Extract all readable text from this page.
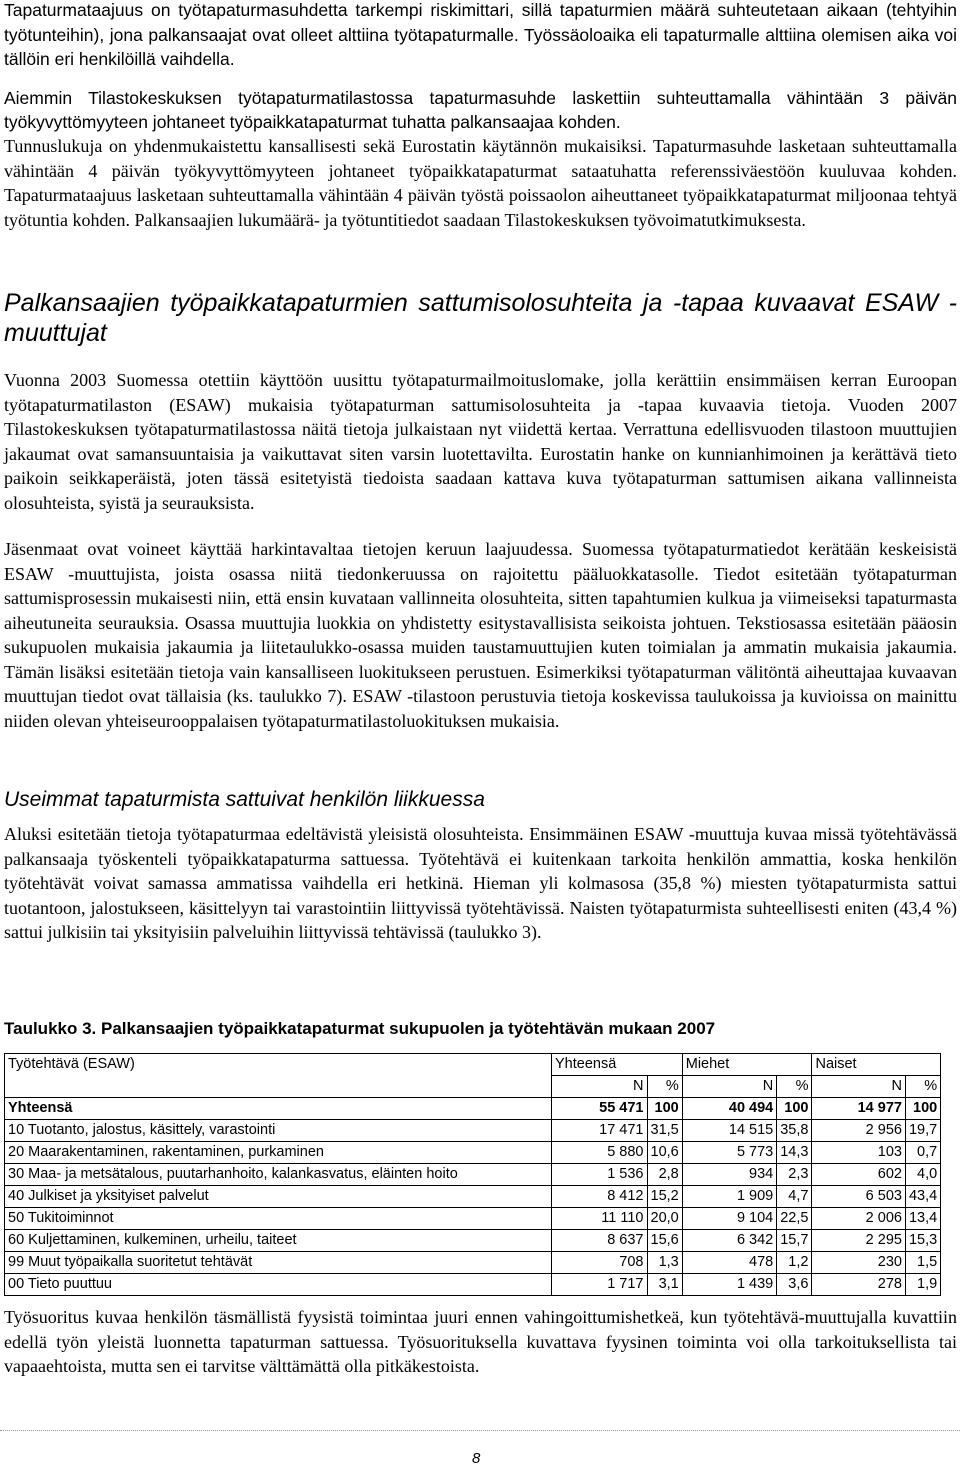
Tapaturmataajuus on työtapaturmasuhdetta tarkempi riskimittari, sillä tapaturmien määrä suhteutetaan aikaan (tehtyihin työtunteihin), jona palkansaajat ovat olleet alttiina työtapaturmalle. Työssäoloaika eli tapaturmalle alttiina olemisen aika voi tällöin eri henkilöillä vaihdella.

Aiemmin Tilastokeskuksen työtapaturmatilastossa tapaturmasuhde laskettiin suhteuttamalla vähintään 3 päivän työkyvyttömyyteen johtaneet työpaikkatapaturmat tuhatta palkansaajaa kohden.

Tunnuslukuja on yhdenmukaistettu kansallisesti sekä Eurostatin käytännön mukaisiksi. Tapaturmasuhde lasketaan suhteuttamalla vähintään 4 päivän työkyvyttömyyteen johtaneet työpaikkatapaturmat sataatuhatta referenssiväestöön kuuluvaa kohden. Tapaturmataajuus lasketaan suhteuttamalla vähintään 4 päivän työstä poissaolon aiheuttaneet työpaikkatapaturmat miljoonaa tehtyä työtuntia kohden. Palkansaajien lukumäärä- ja työtuntitiedot saadaan Tilastokeskuksen työvoimatutkimuksesta.

Palkansaajien työpaikkatapaturmien sattumisolosuhteita ja -tapaa kuvaavat ESAW -muuttujat

Vuonna 2003 Suomessa otettiin käyttöön uusittu työtapaturmailmoituslomake, jolla kerättiin ensimmäisen kerran Euroopan työtapaturmatilaston (ESAW) mukaisia työtapaturman sattumisolosuhteita ja -tapaa kuvaavia tietoja. Vuoden 2007 Tilastokeskuksen työtapaturmatilastossa näitä tietoja julkaistaan nyt viidettä kertaa. Verrattuna edellisvuoden tilastoon muuttujien jakaumat ovat samansuuntaisia ja vaikuttavat siten varsin luotettavilta. Eurostatin hanke on kunnianhimoinen ja kerättävä tieto paikoin seikkaperäistä, joten tässä esitetyistä tiedoista saadaan kattava kuva työtapaturman sattumisen aikana vallinneista olosuhteista, syistä ja seurauksista.

Jäsenmaat ovat voineet käyttää harkintavaltaa tietojen keruun laajuudessa. Suomessa työtapaturmatiedot kerätään keskeisistä ESAW -muuttujista, joista osassa niitä tiedonkeruussa on rajoitettu pääluokkatasolle. Tiedot esitetään työtapaturman sattumisprosessin mukaisesti niin, että ensin kuvataan vallinneita olosuhteita, sitten tapahtumien kulkua ja viimeiseksi tapaturmasta aiheutuneita seurauksia. Osassa muuttujia luokkia on yhdistetty esitystavallisista seikoista johtuen. Tekstiosassa esitetään pääosin sukupuolen mukaisia jakaumia ja liitetaulukko-osassa muiden taustamuuttujien kuten toimialan ja ammatin mukaisia jakaumia. Tämän lisäksi esitetään tietoja vain kansalliseen luokitukseen perustuen. Esimerkiksi työtapaturman välitöntä aiheuttajaa kuvaavan muuttujan tiedot ovat tällaisia (ks. taulukko 7). ESAW -tilastoon perustuvia tietoja koskevissa taulukoissa ja kuvioissa on mainittu niiden olevan yhteiseurooppalaisen työtapaturmatilastoluokituksen mukaisia.

Useimmat tapaturmista sattuivat henkilön liikkuessa

Aluksi esitetään tietoja työtapaturmaa edeltävistä yleisistä olosuhteista. Ensimmäinen ESAW -muuttuja kuvaa missä työtehtävässä palkansaaja työskenteli työpaikkatapaturma sattuessa. Työtehtävä ei kuitenkaan tarkoita henkilön ammattia, koska henkilön työtehtävät voivat samassa ammatissa vaihdella eri hetkinä. Hieman yli kolmasosa (35,8 %) miesten työtapaturmista sattui tuotantoon, jalostukseen, käsittelyyn tai varastointiin liittyvissä työtehtävissä. Naisten työtapaturmista suhteellisesti eniten (43,4 %) sattui julkisiin tai yksityisiin palveluihin liittyvissä tehtävissä (taulukko 3).

Taulukko 3. Palkansaajien työpaikkatapaturmat sukupuolen ja työtehtävän mukaan 2007

Työtehtävä (ESAW)	Yhteensä		Miehet		Naiset	
	N	%	N	%	N	%
Yhteensä	55 471	100	40 494	100	14 977	100
10 Tuotanto, jalostus, käsittely, varastointi	17 471	31,5	14 515	35,8	2 956	19,7
20 Maarakentaminen, rakentaminen, purkaminen	5 880	10,6	5 773	14,3	103	0,7
30 Maa- ja metsätalous, puutarhanhoito, kalankasvatus, eläinten hoito	1 536	2,8	934	2,3	602	4,0
40 Julkiset ja yksityiset palvelut	8 412	15,2	1 909	4,7	6 503	43,4
50 Tukitoiminnot	11 110	20,0	9 104	22,5	2 006	13,4
60 Kuljettaminen, kulkeminen, urheilu, taiteet	8 637	15,6	6 342	15,7	2 295	15,3
99 Muut työpaikalla suoritetut tehtävät	708	1,3	478	1,2	230	1,5
00 Tieto puuttuu	1 717	3,1	1 439	3,6	278	1,9

Työsuoritus kuvaa henkilön täsmällistä fyysistä toimintaa juuri ennen vahingoittumishetkeä, kun työtehtävä-muuttujalla kuvattiin edellä työn yleistä luonnetta tapaturman sattuessa. Työsuorituksella kuvattava fyysinen toiminta voi olla tarkoituksellista tai vapaaehtoista, mutta sen ei tarvitse välttämättä olla pitkäkestoista.

8
